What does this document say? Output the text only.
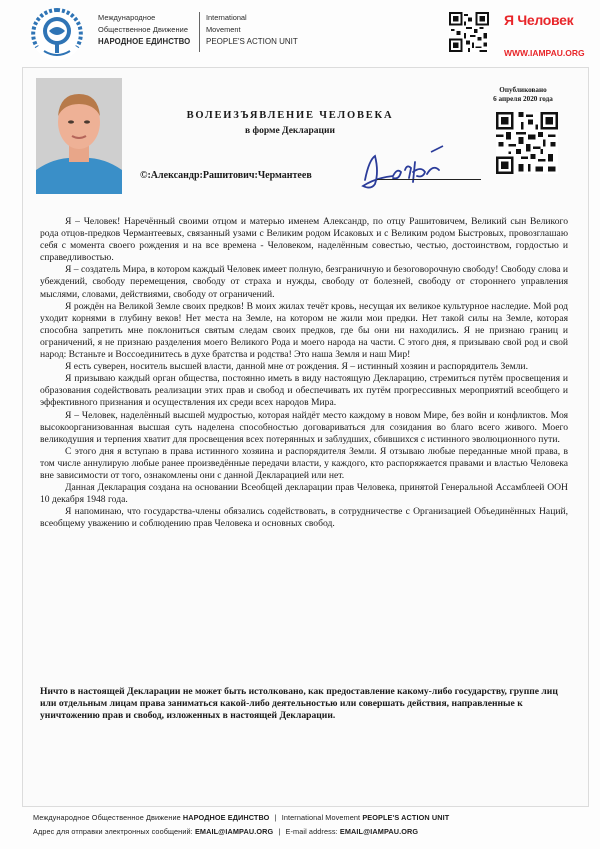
Международное
Общественное Движение
НАРОДНОЕ ЕДИНСТВО
International
Movement
PEOPLE'S ACTION UNIT
Я Человек
WWW.IAMPAU.ORG
ВОЛЕИЗЪЯВЛЕНИЕ ЧЕЛОВЕКА
в форме Декларации
©:Александр:Рашитович:Чермантеев
Опубликовано
6 апреля 2020 года

Я – Человек! Наречённый своими отцом и матерью именем Александр, по отцу Рашитовичем, Великий сын Великого рода отцов-предков Чермантеевых, связанный узами с Великим родом Исаковых и с Великим родом Быстровых, провозглашаю себя с момента своего рождения и на все времена - Человеком, наделённым совестью, честью, достоинством, гордостью и справедливостью.

Я – создатель Мира, в котором каждый Человек имеет полную, безграничную и безоговорочную свободу! Свободу слова и убеждений, свободу перемещения, свободу от страха и нужды, свободу от болезней, свободу от стороннего управления мыслями, словами, действиями, свободу от ограничений.

Я рождён на Великой Земле своих предков! В моих жилах течёт кровь, несущая их великое культурное наследие. Мой род уходит корнями в глубину веков! Нет места на Земле, на котором не жили мои предки. Нет такой силы на Земле, которая способна запретить мне поклониться святым следам своих предков, где бы они ни находились. Я не признаю границ и ограничений, я не признаю разделения моего Великого Рода и моего народа на части. С этого дня, я призываю свой род и свой народ: Встаньте и Воссоединитесь в духе братства и родства! Это наша Земля и наш Мир!

Я есть суверен, носитель высшей власти, данной мне от рождения. Я – истинный хозяин и распорядитель Земли.

Я призываю каждый орган общества, постоянно иметь в виду настоящую Декларацию, стремиться путём просвещения и образования содействовать реализации этих прав и свобод и обеспечивать их путём прогрессивных мероприятий всеобщего и эффективного признания и осуществления их среди всех народов Мира.

Я – Человек, наделённый высшей мудростью, которая найдёт место каждому в новом Мире, без войн и конфликтов. Моя высокоорганизованная высшая суть наделена способностью договариваться для созидания во благо всего живого. Моего великодушия и терпения хватит для просвещения всех потерянных и заблудших, сбившихся с истинного эволюционного пути.

С этого дня я вступаю в права истинного хозяина и распорядителя Земли. Я отзываю любые переданные мной права, в том числе аннулирую любые ранее произведённые передачи власти, у каждого, кто распоряжается правами и властью Человека вне зависимости от того, ознакомлены они с данной Декларацией или нет.

Данная Декларация создана на основании Всеобщей декларации прав Человека, принятой Генеральной Ассамблеей ООН 10 декабря 1948 года.

Я напоминаю, что государства-члены обязались содействовать, в сотрудничестве с Организацией Объединённых Наций, всеобщему уважению и соблюдению прав Человека и основных свобод.

Ничто в настоящей Декларации не может быть истолковано, как предоставление какому-либо государству, группе лиц или отдельным лицам права заниматься какой-либо деятельностью или совершать действия, направленные к уничтожению прав и свобод, изложенных в настоящей Декларации.
Международное Общественное Движение НАРОДНОЕ ЕДИНСТВО | International Movement PEOPLE'S ACTION UNIT
Адрес для отправки электронных сообщений: EMAIL@IAMPAU.ORG | E-mail address: EMAIL@IAMPAU.ORG
